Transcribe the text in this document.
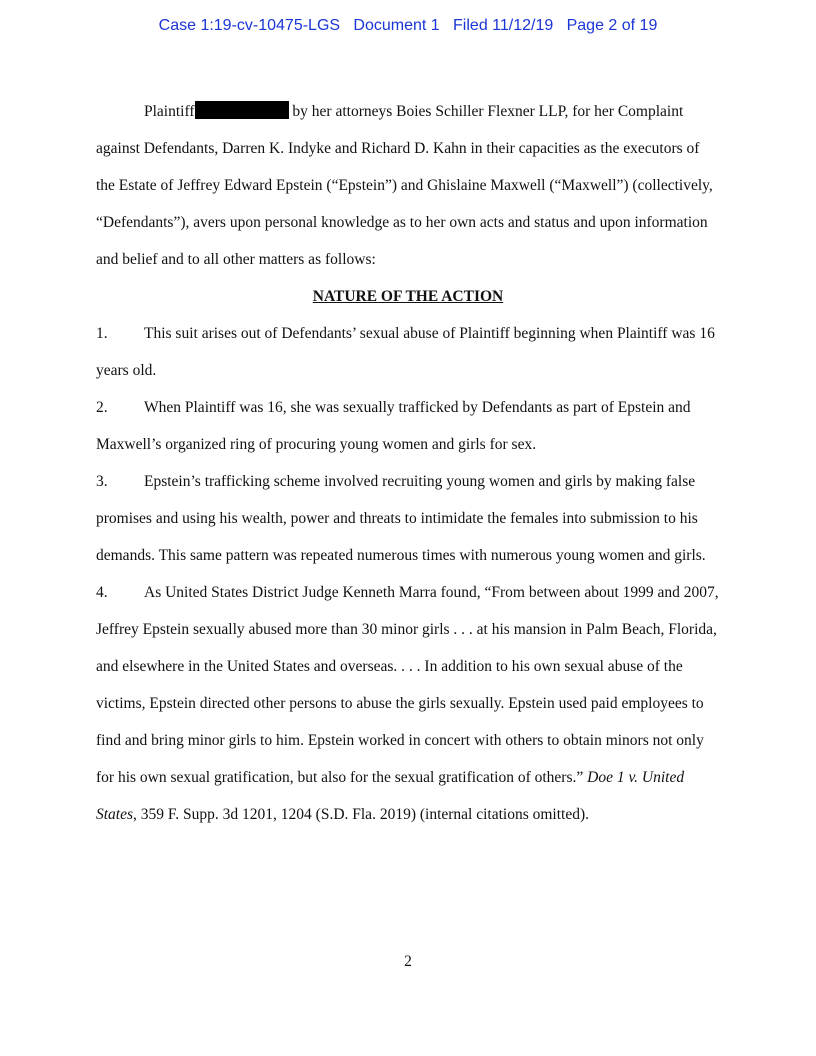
Case 1:19-cv-10475-LGS Document 1 Filed 11/12/19 Page 2 of 19

Plaintiff	by her attorneys Boies Schiller Flexner LLP, for her Complaint against Defendants, Darren K. Indyke and Richard D. Kahn in their capacities as the executors of the Estate of Jeffrey Edward Epstein (“Epstein”) and Ghislaine Maxwell (“Maxwell”) (collectively, “Defendants”), avers upon personal knowledge as to her own acts and status and upon information and belief and to all other matters as follows:

NATURE OF THE ACTION

1. This suit arises out of Defendants’ sexual abuse of Plaintiff beginning when Plaintiff was 16 years old.

2. When Plaintiff was 16, she was sexually trafficked by Defendants as part of Epstein and Maxwell’s organized ring of procuring young women and girls for sex.

3. Epstein’s trafficking scheme involved recruiting young women and girls by making false promises and using his wealth, power and threats to intimidate the females into submission to his demands. This same pattern was repeated numerous times with numerous young women and girls.

4. As United States District Judge Kenneth Marra found, “From between about 1999 and 2007, Jeffrey Epstein sexually abused more than 30 minor girls . . . at his mansion in Palm Beach, Florida, and elsewhere in the United States and overseas. . . . In addition to his own sexual abuse of the victims, Epstein directed other persons to abuse the girls sexually. Epstein used paid employees to find and bring minor girls to him. Epstein worked in concert with others to obtain minors not only for his own sexual gratification, but also for the sexual gratification of others.” Doe 1 v. United States, 359 F. Supp. 3d 1201, 1204 (S.D. Fla. 2019) (internal citations omitted).

2
